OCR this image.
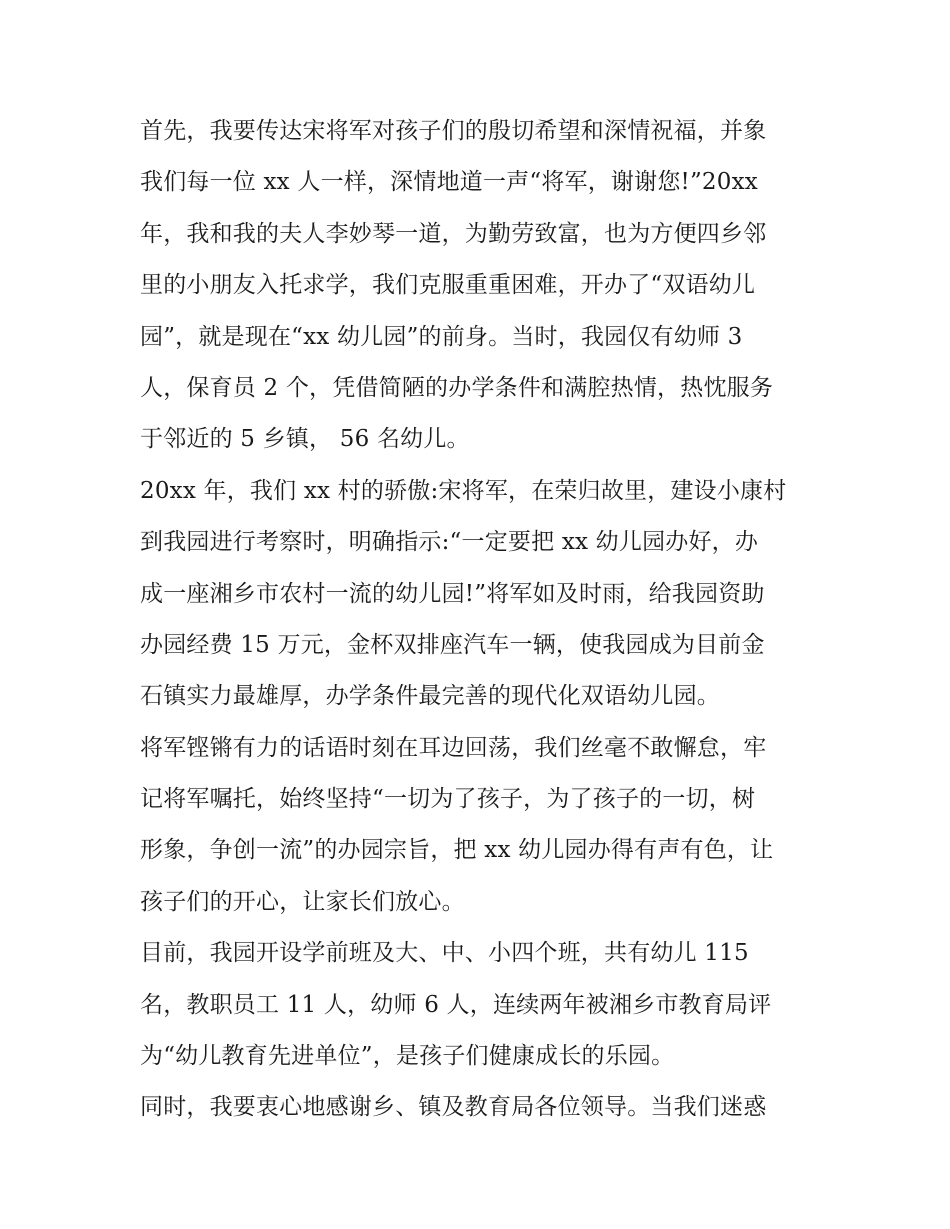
首先，我要传达宋将军对孩子们的殷切希望和深情祝福，并象
我们每一位 xx 人一样，深情地道一声“将军，谢谢您!”20xx
年，我和我的夫人李妙琴一道，为勤劳致富，也为方便四乡邻
里的小朋友入托求学，我们克服重重困难，开办了“双语幼儿
园”，就是现在“xx 幼儿园”的前身。当时，我园仅有幼师 3
人，保育员 2 个，凭借简陋的办学条件和满腔热情，热忱服务
于邻近的 5 乡镇， 56 名幼儿。
20xx 年，我们 xx 村的骄傲:宋将军，在荣归故里，建设小康村
到我园进行考察时，明确指示:“一定要把 xx 幼儿园办好，办
成一座湘乡市农村一流的幼儿园!”将军如及时雨，给我园资助
办园经费 15 万元，金杯双排座汽车一辆，使我园成为目前金
石镇实力最雄厚，办学条件最完善的现代化双语幼儿园。
将军铿锵有力的话语时刻在耳边回荡，我们丝毫不敢懈怠，牢
记将军嘱托，始终坚持“一切为了孩子，为了孩子的一切，树
形象，争创一流”的办园宗旨，把 xx 幼儿园办得有声有色，让
孩子们的开心，让家长们放心。
目前，我园开设学前班及大、中、小四个班，共有幼儿 115
名，教职员工 11 人，幼师 6 人，连续两年被湘乡市教育局评
为“幼儿教育先进单位”，是孩子们健康成长的乐园。
同时，我要衷心地感谢乡、镇及教育局各位领导。当我们迷惑
